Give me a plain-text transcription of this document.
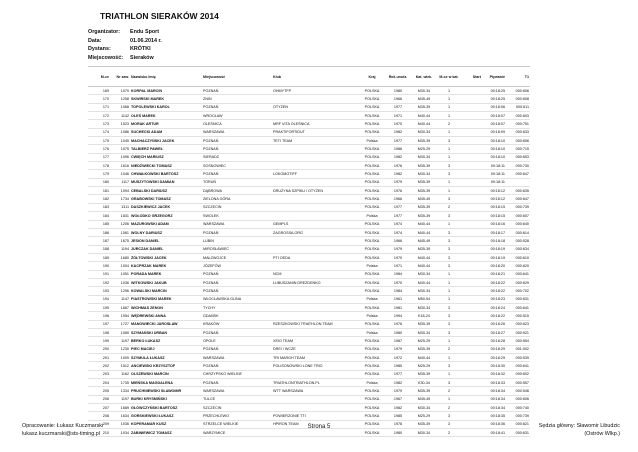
TRIATHLON SIERAKÓW 2014
Organizator:	Endu Sport
Data:	01.06.2014 r.
Dystans:	KRÓTKI
Miejscowość:	Sieraków
M-ce	Nr zaw.	Nazwisko Imię	Miejscowość	Klub	Kraj	Rok urodz.	Kat. wiek.	M-ce w kat.	Start	Pływanie	T1
169	1079	KORPAL MARCIN	POZNAŃ	OHMYTFP	POLSKA	1980	M30-34	1		00:18:25	000:606
170	1258	SKWIRSKI MAREK	ZNIN		POLSKA	1966	M45-49	1		00:18:25	000:608
171	1068	TOPOLEWSKI KAROL	POZNAŃ	OTYŻEN	POLSKA	1977	M35-39	1		00:18:06	000:611
172	1142	OLEŚ MAREK	WROCŁAW		POLSKA	1971	M40-44	1		00:18:07	000:603
173	1523	MORAK ARTUR	OLEŚNICA	MRF VITA OLEŚNICA	POLSKA	1970	M40-44	2		00:18:07	000:751
174	1086	SUCHECKI ADAM	WARSZAWA	PRAKTIFORTIDUT	POLSKA	1982	M30-34	1		00:18:09	000:633
175	1045	MACHACZYŃSKI JACEK	POZNAŃ	TETI TEAM	Polska	1977	M35-39	3		00:18:10	000:606
176	1075	TALBIERZ PAWEŁ	POZNAŃ		POLSKA	1986	M25-29	1		00:18:10	000:715
177	1096	CWIĘCH MARIUSZ	SIERADZ		POLSKA	1982	M30-34	1		00:18:10	000:653
178	1616	NIEDŹWIECKI TOMASZ	SOSNOWIEC		POLSKA	1976	M35-39	3		00:18:11	000:730
179	1046	CHWAŁKOWSKI BARTOSZ	POZNAŃ	LOKOMOTIFF	POLSKA	1982	M30-34	3		00:18:11	000:647
180	1117	MUSZYTOWSKI DAMIAN	TORUŃ		POLSKA	1979	M35-39	1		00:18:11	
181	1094	CEBALSKI DARIUSZ	DĄBROWA	DRUŻYNA SZPIKU / OTYŻEN	POLSKA	1976	M35-39	1		00:18:12	000:635
182	1734	GRABOWSKI TOMASZ	ZIELONA GÓRA		POLSKA	1966	M45-49	3		00:18:12	000:647
183	1311	DASZKIEWICZ JACEK	SZCZECIN		POLSKA	1977	M35-39	2		00:18:15	000:739
184	1831	WOŁODKO GRZEGORZ	SWOLEK		Polska	1977	M35-39	3		00:18:15	000:607
185	1206	MAZUROWSKI ADAM	WARSZAWA	GEMPLS	POLSKA	1974	M40-44	1		00:18:16	000:640
186	1061	WOLNY DARIUSZ	POZNAŃ	ZAGROSSA.ORG	POLSKA	1974	M40-44	3		00:18:17	000:614
187	1675	JESION DANIEL	LUBIN		POLSKA	1966	M45-49	3		00:18:18	000:528
188	1194	JURCZAK DANIEL	MIROSŁAWIEC		POLSKA	1979	M35-39	3		00:18:19	000:634
189	1680	ŻÓŁTOWSKI JACEK	MAŁZWOJCE	PTI OEDA	POLSKA	1970	M40-44	3		00:18:19	000:610
190	1004	KACPRZAK MAREK	JÓZEFÓW		Polska	1971	M40-44	3		00:18:20	000:620
191	1051	PORADA MAREK	POZNAŃ	NCM	POLSKA	1984	M30-34	1		00:18:21	000:641
192	1036	WITKOWSKI JAKUB	POZNAŃ	LUBUSZANIN DREZDENKO	POLSKA	1970	M40-44	1		00:18:22	000:629
193	1296	KOWALSKI MARCIN	POZNAŃ		POLSKA	1984	M30-34	1		00:18:22	000:702
194	1147	PIASTROWSKI MAREK	WŁOCŁAWSKA GLINA		Polska	1961	M50-54	1		00:18:23	000:631
195	1667	WICHMAS ZENON	TYCHY		POLSKA	1981	M30-34	3		00:18:24	000:641
196	1054	WĘDREWSKI ANNA	GDAŃSK		Polska	1994	K18-24	3		00:18:22	000:515
197	1727	MANOWIECKI JAROSŁAW	KRAKÓW	RZESZKOWSKI TRIATHLON TEAM	POLSKA	1976	M35-39	3		00:18:26	000:623
198	1089	SZYMAŃSKI URBAN	POZNAŃ		Polska	1980	M30-34	3		00:18:27	000:921
199	1197	BERKO ŁUKASZ	OPOLE	XEIO TEAM	POLSKA	1987	M25-29	1		00:18:28	000:554
200	1230	PIEC MACIEJ	POZNAŃ	DREI ! WCZE	POLSKA	1979	M35-39	2		00:18:29	001:002
201	1009	SZYMULA ŁUKASZ	WARSZAWA	TRI MARGH TEAM	POLSKA	1972	M40-44	1		00:18:29	000:539
202	1512	ANCIEWSKI KRZYSZTOF	POZNAŃ	POLISONOWSKI LONE TRIO	POLSKA	1985	M25-29	3		00:18:30	000:641
203	1162	OLSZEWSKI MARCIN	CHRZYPSKO WIELKIE		POLSKA	1977	M35-39	1		00:18:32	000:602
204	1735	MIEŃSKA MAGDALENA	POZNAŃ	TRIATHLONTRIATHLON.PL	Polska	1982	K30-34	3		00:18:33	000:557
205	1334	PRUCHNIEWSKI SŁAWOMIR	WARSZAWA	WTT WARSZAWA	POLSKA	1979	M35-39	2		00:18:34	000:546
206	1197	BURKI KRYSMIŃSKI	TULCE		POLSKA	1967	M45-49	1		00:18:34	000:606
207	1689	GŁÓWCZYŃSKI BARTOSZ	SZCZECIN		POLSKA	1982	M30-34	2		00:18:34	000:740
208	1634	GORSKIEWSKI ŁUKASZ	PRZECHLEWO	POWIERZONIE TTI	POLSKA	1985	M25-29	3		00:18:35	000:739
209	1036	KOPERAMAR KUSZ	STRZELCE WIELKIE	HPIRON TEAM	POLSKA	1978	M35-39	3		00:18:36	000:621
210	1034	ZABINIEWICZ TOMASZ	WARZYMICE		POLSKA	1980	M30-34	2		00:18:41	000:631
Opracowanie: Łukasz Kuczmarski
lukasz.kuczmarski@sts-timing.pl
Strona 5	Sędzia główny: Sławomir Libudzic
(Ostrów Wlkp.)
